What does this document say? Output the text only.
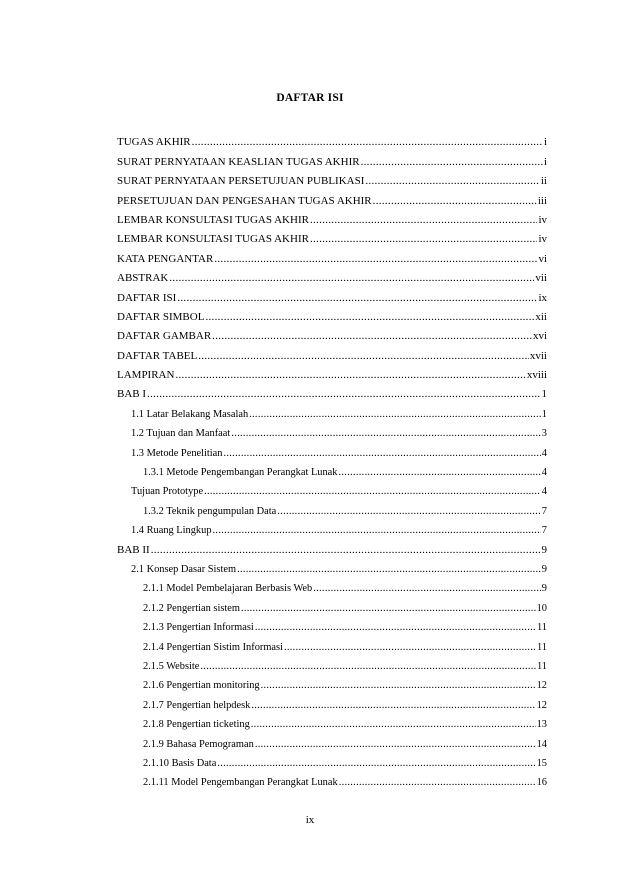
DAFTAR ISI
TUGAS AKHIR .....	i
SURAT PERNYATAAN KEASLIAN TUGAS AKHIR .....	i
SURAT PERNYATAAN PERSETUJUAN PUBLIKASI .....	ii
PERSETUJUAN DAN PENGESAHAN TUGAS AKHIR .....	iii
LEMBAR KONSULTASI TUGAS AKHIR .....	iv
LEMBAR KONSULTASI TUGAS AKHIR .....	iv
KATA PENGANTAR .....	vi
ABSTRAK .....	vii
DAFTAR ISI .....	ix
DAFTAR SIMBOL .....	xii
DAFTAR GAMBAR .....	xvi
DAFTAR TABEL .....	xvii
LAMPIRAN .....	xviii
BAB I .....	1
1.1 Latar Belakang Masalah .....	1
1.2 Tujuan dan Manfaat .....	3
1.3 Metode Penelitian .....	4
1.3.1 Metode Pengembangan Perangkat Lunak .....	4
Tujuan Prototype .....	4
1.3.2 Teknik pengumpulan Data .....	7
1.4 Ruang Lingkup .....	7
BAB II .....	9
2.1 Konsep Dasar Sistem .....	9
2.1.1 Model Pembelajaran Berbasis Web .....	9
2.1.2 Pengertian sistem .....	10
2.1.3 Pengertian Informasi .....	11
2.1.4 Pengertian Sistim Informasi .....	11
2.1.5 Website .....	11
2.1.6 Pengertian monitoring .....	12
2.1.7 Pengertian helpdesk .....	12
2.1.8 Pengertian ticketing .....	13
2.1.9 Bahasa Pemograman .....	14
2.1.10 Basis Data .....	15
2.1.11 Model Pengembangan Perangkat Lunak .....	16
ix
